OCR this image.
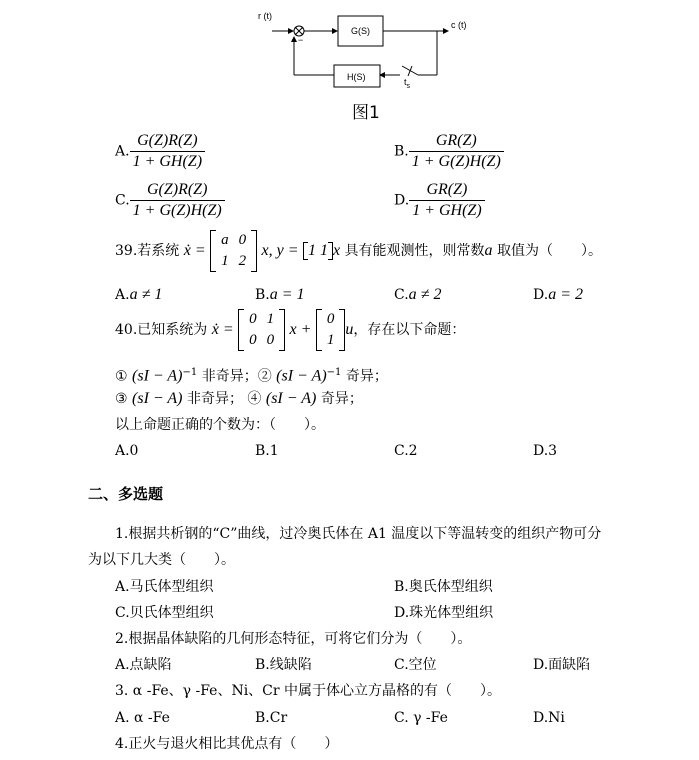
r (t)
c (t)
G(S)
H(S)
−
$t_s$
图1
A. $\frac{G(Z)R(Z)}{1 + GH(Z)}$	B. $\frac{GR(Z)}{1 + G(Z)H(Z)}$
C. $\frac{G(Z)R(Z)}{1 + G(Z)H(Z)}$	D. $\frac{GR(Z)}{1 + GH(Z)}$
39.若系统 ẋ =
a	0
1	2
x, y = 1 1 x 具有能观测性，则常数a 取值为（　　）。
A.a ≠ 1	B.a = 1	C.a ≠ 2	D.a = 2
40.已知系统为 ẋ =
0	1
0	0
x +
0
1
u，存在以下命题：
① (sI − A)$^{-1}$ 非奇异；② (sI − A)$^{-1}$ 奇异；
③ (sI − A) 非奇异； ④ (sI − A) 奇异；
以上命题正确的个数为：（　　）。
A.0	B.1	C.2	D.3
二、多选题
1.根据共析钢的“C”曲线，过冷奥氏体在 A1 温度以下等温转变的组织产物可分
为以下几大类（　　）。
A.马氏体型组织	B.奥氏体型组织
C.贝氏体型组织	D.珠光体型组织
2.根据晶体缺陷的几何形态特征，可将它们分为（　　）。
A.点缺陷	B.线缺陷	C.空位	D.面缺陷
3. α -Fe、γ -Fe、Ni、Cr 中属于体心立方晶格的有（　　）。
A. α -Fe	B.Cr	C. γ -Fe	D.Ni
4.正火与退火相比其优点有（　　）
